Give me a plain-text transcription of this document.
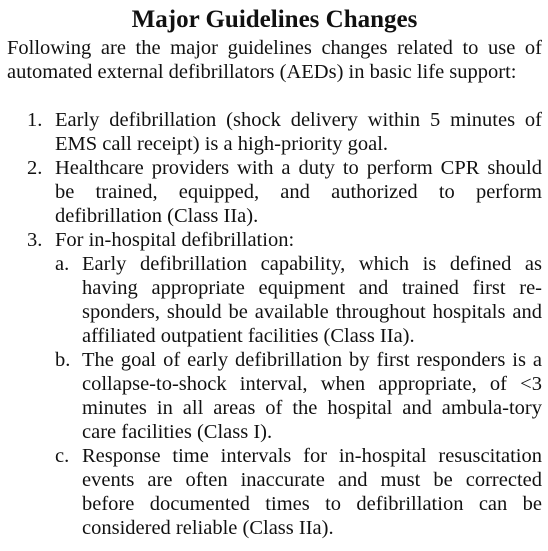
Major Guidelines Changes
Following are the major guidelines changes related to use of automated external defibrillators (AEDs) in basic life support:
1. Early defibrillation (shock delivery within 5 minutes of EMS call receipt) is a high-priority goal.
2. Healthcare providers with a duty to perform CPR should be trained, equipped, and authorized to perform defibrillation (Class IIa).
3. For in-hospital defibrillation:
a. Early defibrillation capability, which is defined as having appropriate equipment and trained first re-sponders, should be available throughout hospitals and affiliated outpatient facilities (Class IIa).
b. The goal of early defibrillation by first responders is a collapse-to-shock interval, when appropriate, of <3 minutes in all areas of the hospital and ambula-tory care facilities (Class I).
c. Response time intervals for in-hospital resuscitation events are often inaccurate and must be corrected before documented times to defibrillation can be considered reliable (Class IIa).
